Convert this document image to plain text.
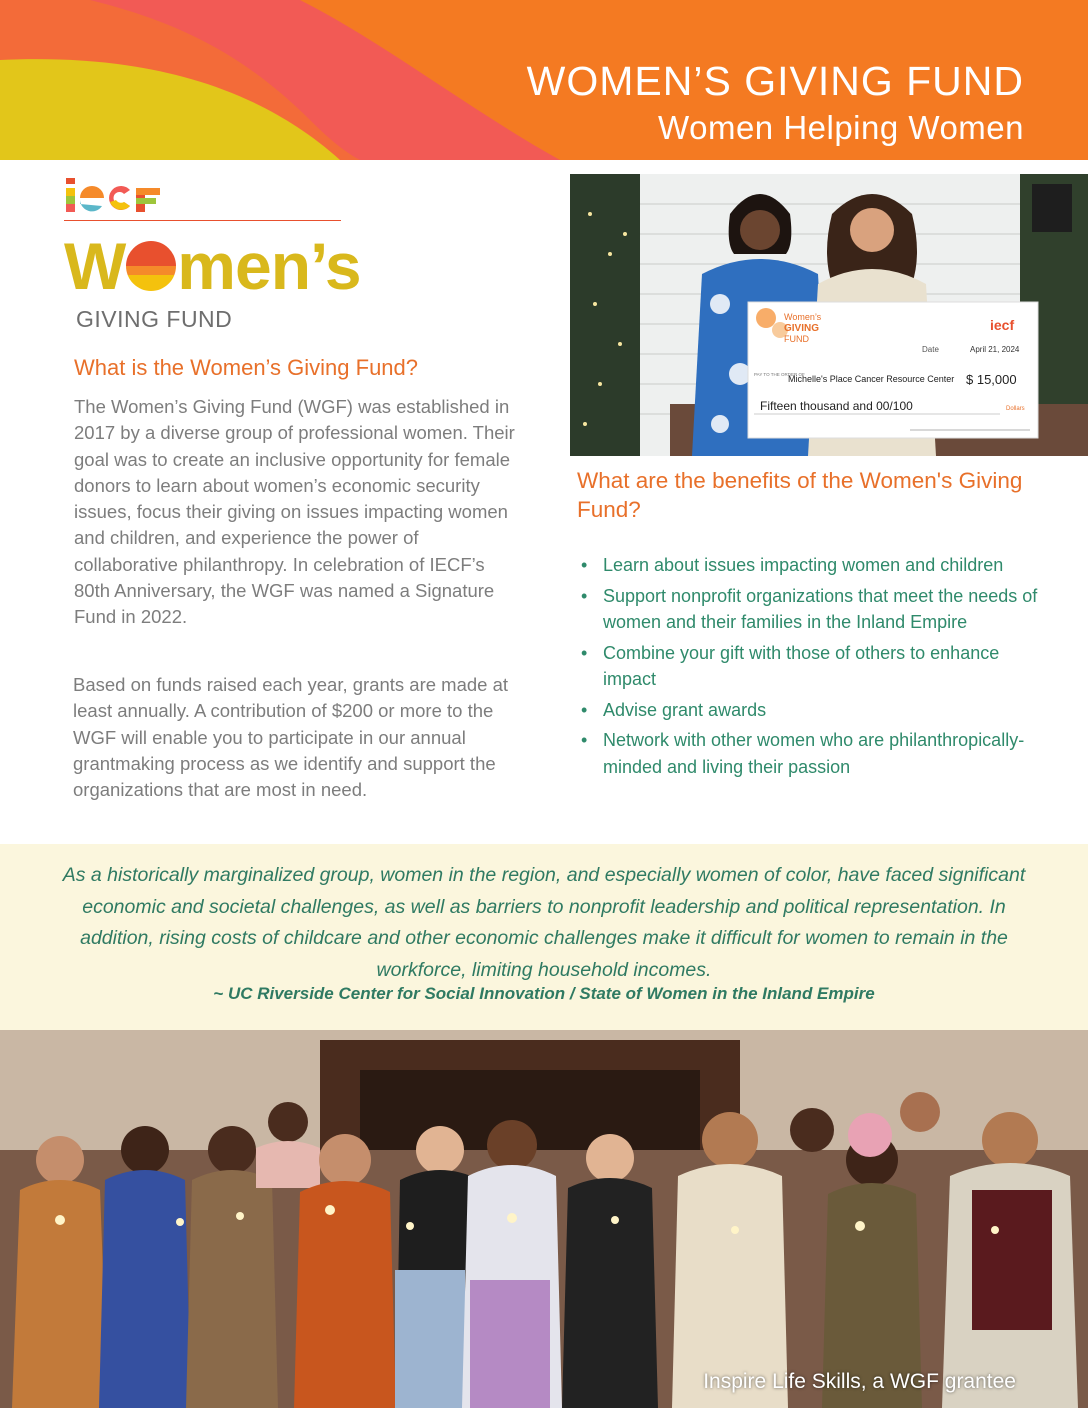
WOMEN’S GIVING FUND

Women Helping Women

W men’s

GIVING FUND

What is the Women’s Giving Fund?

The Women’s Giving Fund (WGF) was established in 2017 by a diverse group of professional women. Their goal was to create an inclusive opportunity for female donors to learn about women’s economic security issues, focus their giving on issues impacting women and children, and experience the power of collaborative philanthropy. In celebration of IECF’s 80th Anniversary, the WGF was named a Signature Fund in 2022.

Based on funds raised each year, grants are made at least annually. A contribution of $200 or more to the WGF will enable you to participate in our annual grantmaking process as we identify and support the organizations that are most in need.

Women’s
GIVING
FUND
iecf
Date	April 21, 2024
PAY TO THE ORDER OF
Michelle's Place Cancer Resource Center $ 15,000
Fifteen thousand and 00/100	Dollars
What are the benefits of the Women's Giving Fund?
• Learn about issues impacting women and children
• Support nonprofit organizations that meet the needs of women and their families in the Inland Empire
• Combine your gift with those of others to enhance impact
• Advise grant awards
• Network with other women who are philanthropically-minded and living their passion

As a historically marginalized group, women in the region, and especially women of color, have faced significant economic and societal challenges, as well as barriers to nonprofit leadership and political representation. In addition, rising costs of childcare and other economic challenges make it difficult for women to remain in the workforce, limiting household incomes.

~ UC Riverside Center for Social Innovation / State of Women in the Inland Empire

Inspire Life Skills, a WGF grantee
